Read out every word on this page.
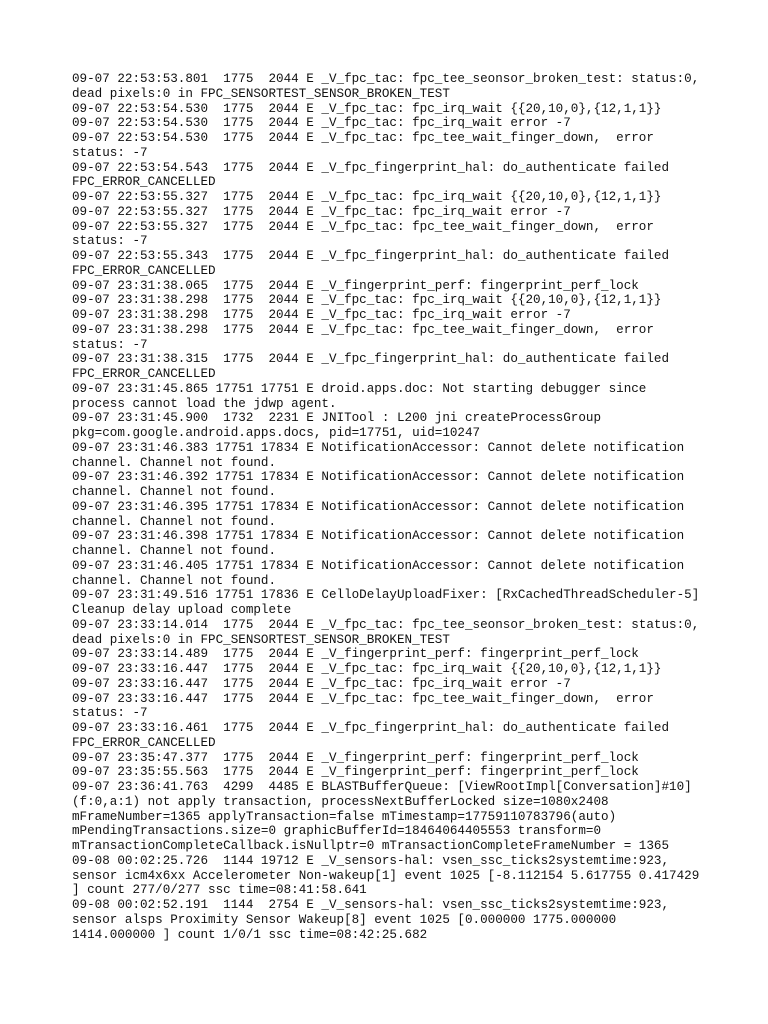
09-07 22:53:53.801  1775  2044 E _V_fpc_tac: fpc_tee_seonsor_broken_test: status:0,
dead pixels:0 in FPC_SENSORTEST_SENSOR_BROKEN_TEST
09-07 22:53:54.530  1775  2044 E _V_fpc_tac: fpc_irq_wait {{20,10,0},{12,1,1}}
09-07 22:53:54.530  1775  2044 E _V_fpc_tac: fpc_irq_wait error -7
09-07 22:53:54.530  1775  2044 E _V_fpc_tac: fpc_tee_wait_finger_down,  error
status: -7
09-07 22:53:54.543  1775  2044 E _V_fpc_fingerprint_hal: do_authenticate failed
FPC_ERROR_CANCELLED
09-07 22:53:55.327  1775  2044 E _V_fpc_tac: fpc_irq_wait {{20,10,0},{12,1,1}}
09-07 22:53:55.327  1775  2044 E _V_fpc_tac: fpc_irq_wait error -7
09-07 22:53:55.327  1775  2044 E _V_fpc_tac: fpc_tee_wait_finger_down,  error
status: -7
09-07 22:53:55.343  1775  2044 E _V_fpc_fingerprint_hal: do_authenticate failed
FPC_ERROR_CANCELLED
09-07 23:31:38.065  1775  2044 E _V_fingerprint_perf: fingerprint_perf_lock
09-07 23:31:38.298  1775  2044 E _V_fpc_tac: fpc_irq_wait {{20,10,0},{12,1,1}}
09-07 23:31:38.298  1775  2044 E _V_fpc_tac: fpc_irq_wait error -7
09-07 23:31:38.298  1775  2044 E _V_fpc_tac: fpc_tee_wait_finger_down,  error
status: -7
09-07 23:31:38.315  1775  2044 E _V_fpc_fingerprint_hal: do_authenticate failed
FPC_ERROR_CANCELLED
09-07 23:31:45.865 17751 17751 E droid.apps.doc: Not starting debugger since
process cannot load the jdwp agent.
09-07 23:31:45.900  1732  2231 E JNITool : L200 jni createProcessGroup
pkg=com.google.android.apps.docs, pid=17751, uid=10247
09-07 23:31:46.383 17751 17834 E NotificationAccessor: Cannot delete notification
channel. Channel not found.
09-07 23:31:46.392 17751 17834 E NotificationAccessor: Cannot delete notification
channel. Channel not found.
09-07 23:31:46.395 17751 17834 E NotificationAccessor: Cannot delete notification
channel. Channel not found.
09-07 23:31:46.398 17751 17834 E NotificationAccessor: Cannot delete notification
channel. Channel not found.
09-07 23:31:46.405 17751 17834 E NotificationAccessor: Cannot delete notification
channel. Channel not found.
09-07 23:31:49.516 17751 17836 E CelloDelayUploadFixer: [RxCachedThreadScheduler-5]
Cleanup delay upload complete
09-07 23:33:14.014  1775  2044 E _V_fpc_tac: fpc_tee_seonsor_broken_test: status:0,
dead pixels:0 in FPC_SENSORTEST_SENSOR_BROKEN_TEST
09-07 23:33:14.489  1775  2044 E _V_fingerprint_perf: fingerprint_perf_lock
09-07 23:33:16.447  1775  2044 E _V_fpc_tac: fpc_irq_wait {{20,10,0},{12,1,1}}
09-07 23:33:16.447  1775  2044 E _V_fpc_tac: fpc_irq_wait error -7
09-07 23:33:16.447  1775  2044 E _V_fpc_tac: fpc_tee_wait_finger_down,  error
status: -7
09-07 23:33:16.461  1775  2044 E _V_fpc_fingerprint_hal: do_authenticate failed
FPC_ERROR_CANCELLED
09-07 23:35:47.377  1775  2044 E _V_fingerprint_perf: fingerprint_perf_lock
09-07 23:35:55.563  1775  2044 E _V_fingerprint_perf: fingerprint_perf_lock
09-07 23:36:41.763  4299  4485 E BLASTBufferQueue: [ViewRootImpl[Conversation]#10]
(f:0,a:1) not apply transaction, processNextBufferLocked size=1080x2408
mFrameNumber=1365 applyTransaction=false mTimestamp=17759110783796(auto)
mPendingTransactions.size=0 graphicBufferId=18464064405553 transform=0
mTransactionCompleteCallback.isNullptr=0 mTransactionCompleteFrameNumber = 1365
09-08 00:02:25.726  1144 19712 E _V_sensors-hal: vsen_ssc_ticks2systemtime:923,
sensor icm4x6xx Accelerometer Non-wakeup[1] event 1025 [-8.112154 5.617755 0.417429
] count 277/0/277 ssc time=08:41:58.641
09-08 00:02:52.191  1144  2754 E _V_sensors-hal: vsen_ssc_ticks2systemtime:923,
sensor alsps Proximity Sensor Wakeup[8] event 1025 [0.000000 1775.000000
1414.000000 ] count 1/0/1 ssc time=08:42:25.682
